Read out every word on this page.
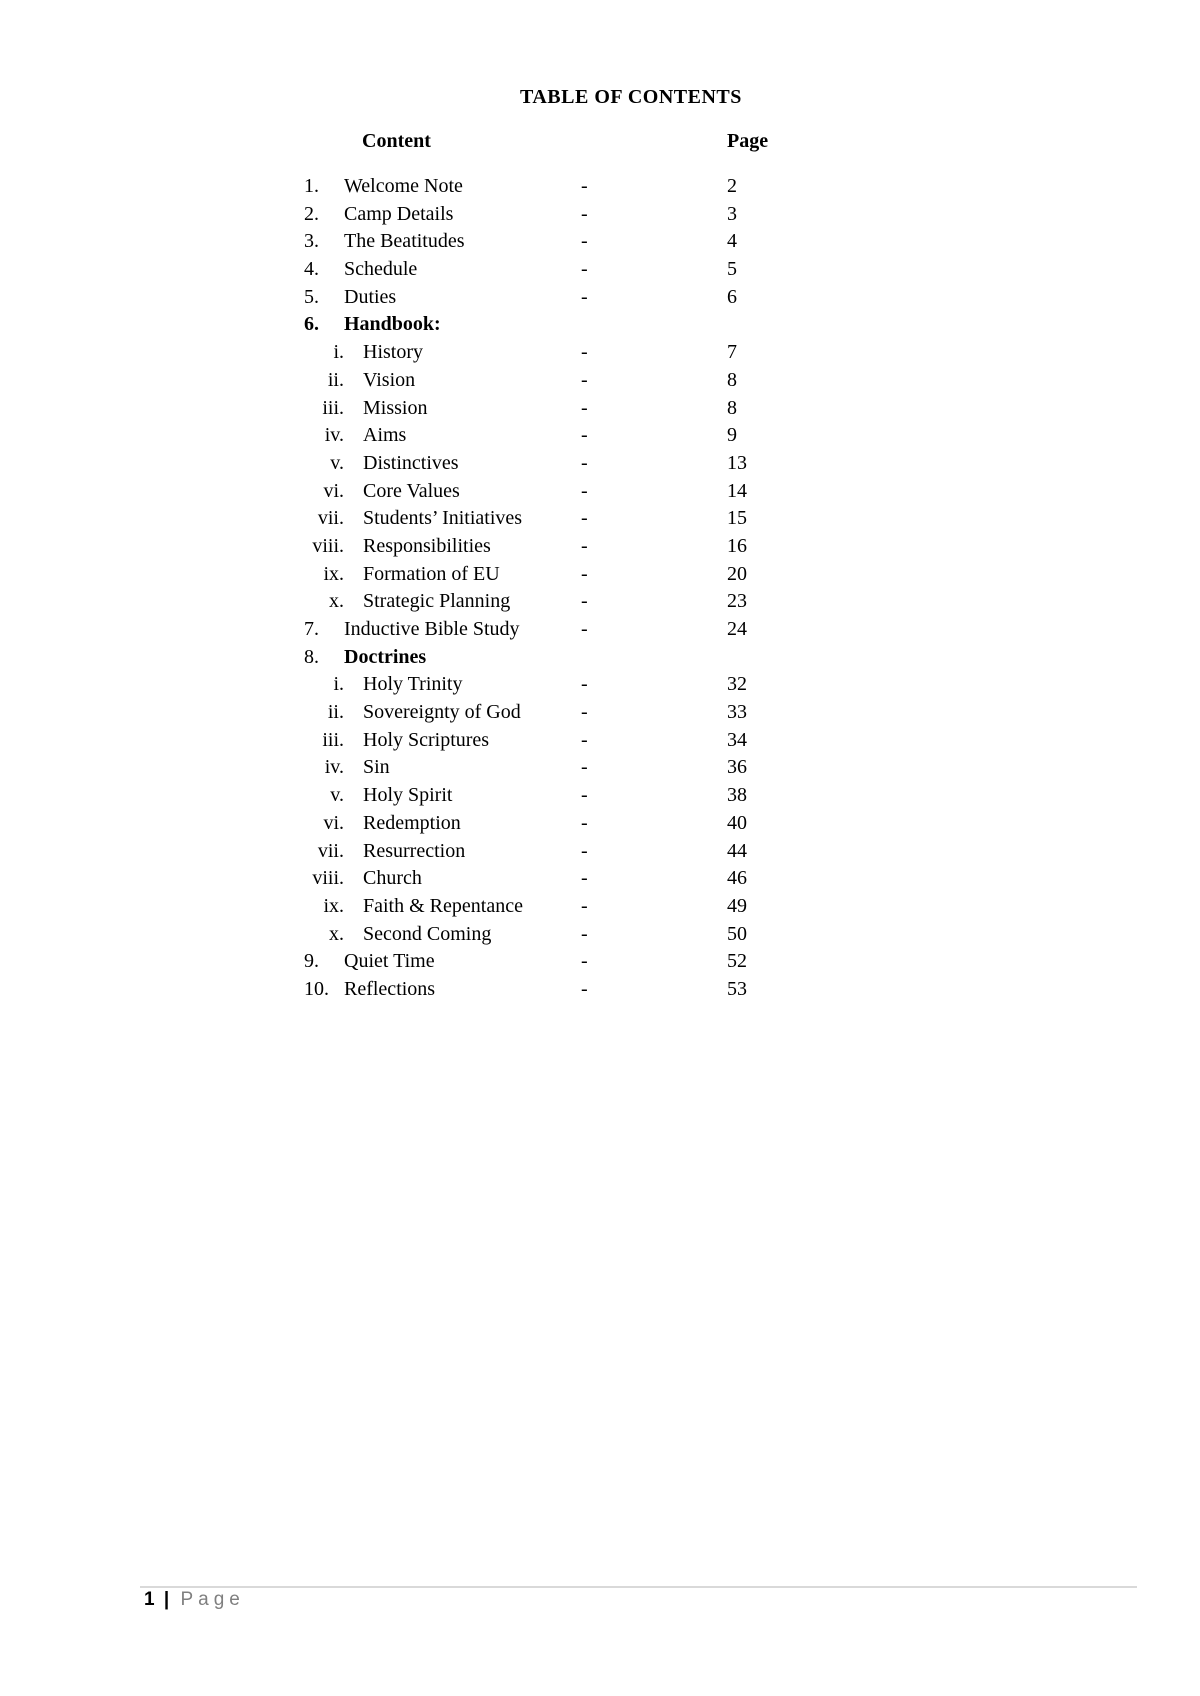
TABLE OF CONTENTS
Content	Page
1.	Welcome Note	-	2
2.	Camp Details	-	3
3.	The Beatitudes	-	4
4.	Schedule	-	5
5.	Duties	-	6
6.	Handbook:
i. History	-	7
ii. Vision	-	8
iii. Mission	-	8
iv. Aims	-	9
v. Distinctives	-	13
vi. Core Values	-	14
vii. Students’ Initiatives	-	15
viii. Responsibilities	-	16
ix. Formation of EU	-	20
x. Strategic Planning	-	23
7.	Inductive Bible Study	-	24
8.	Doctrines
i. Holy Trinity	-	32
ii. Sovereignty of God	-	33
iii. Holy Scriptures	-	34
iv. Sin	-	36
v. Holy Spirit	-	38
vi. Redemption	-	40
vii. Resurrection	-	44
viii. Church	-	46
ix. Faith & Repentance	-	49
x. Second Coming	-	50
9.	Quiet Time	-	52
10. Reflections	-	53
1 | Page
